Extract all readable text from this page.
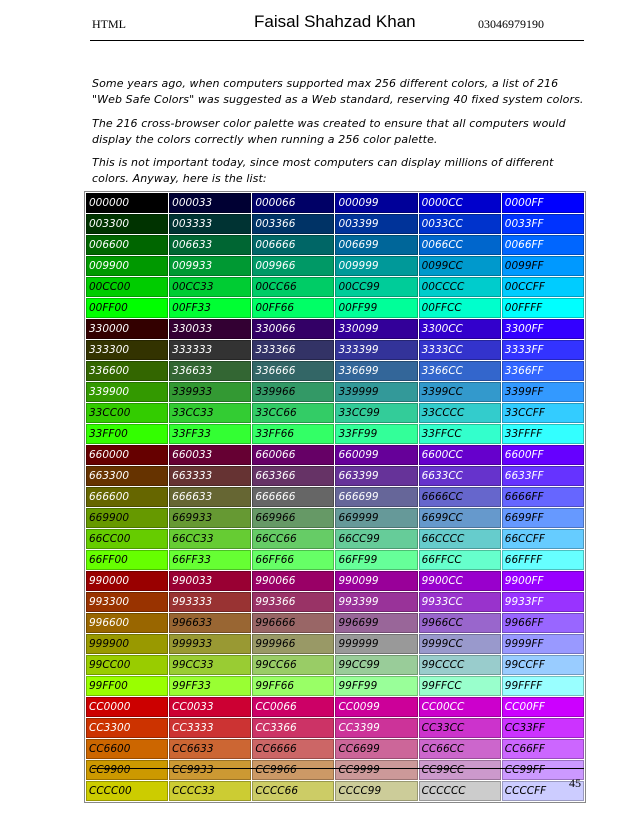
HTML	Faisal Shahzad Khan	03046979190
Some years ago, when computers supported max 256 different colors, a list of 216 "Web Safe Colors" was suggested as a Web standard, reserving 40 fixed system colors.
The 216 cross-browser color palette was created to ensure that all computers would display the colors correctly when running a 256 color palette.
This is not important today, since most computers can display millions of different colors. Anyway, here is the list:
000000	000033	000066	000099	0000CC	0000FF
003300	003333	003366	003399	0033CC	0033FF
006600	006633	006666	006699	0066CC	0066FF
009900	009933	009966	009999	0099CC	0099FF
00CC00	00CC33	00CC66	00CC99	00CCCC	00CCFF
00FF00	00FF33	00FF66	00FF99	00FFCC	00FFFF
330000	330033	330066	330099	3300CC	3300FF
333300	333333	333366	333399	3333CC	3333FF
336600	336633	336666	336699	3366CC	3366FF
339900	339933	339966	339999	3399CC	3399FF
33CC00	33CC33	33CC66	33CC99	33CCCC	33CCFF
33FF00	33FF33	33FF66	33FF99	33FFCC	33FFFF
660000	660033	660066	660099	6600CC	6600FF
663300	663333	663366	663399	6633CC	6633FF
666600	666633	666666	666699	6666CC	6666FF
669900	669933	669966	669999	6699CC	6699FF
66CC00	66CC33	66CC66	66CC99	66CCCC	66CCFF
66FF00	66FF33	66FF66	66FF99	66FFCC	66FFFF
990000	990033	990066	990099	9900CC	9900FF
993300	993333	993366	993399	9933CC	9933FF
996600	996633	996666	996699	9966CC	9966FF
999900	999933	999966	999999	9999CC	9999FF
99CC00	99CC33	99CC66	99CC99	99CCCC	99CCFF
99FF00	99FF33	99FF66	99FF99	99FFCC	99FFFF
CC0000	CC0033	CC0066	CC0099	CC00CC	CC00FF
CC3300	CC3333	CC3366	CC3399	CC33CC	CC33FF
CC6600	CC6633	CC6666	CC6699	CC66CC	CC66FF
CC9900	CC9933	CC9966	CC9999	CC99CC	CC99FF
CCCC00	CCCC33	CCCC66	CCCC99	CCCCCC	CCCCFF
45
